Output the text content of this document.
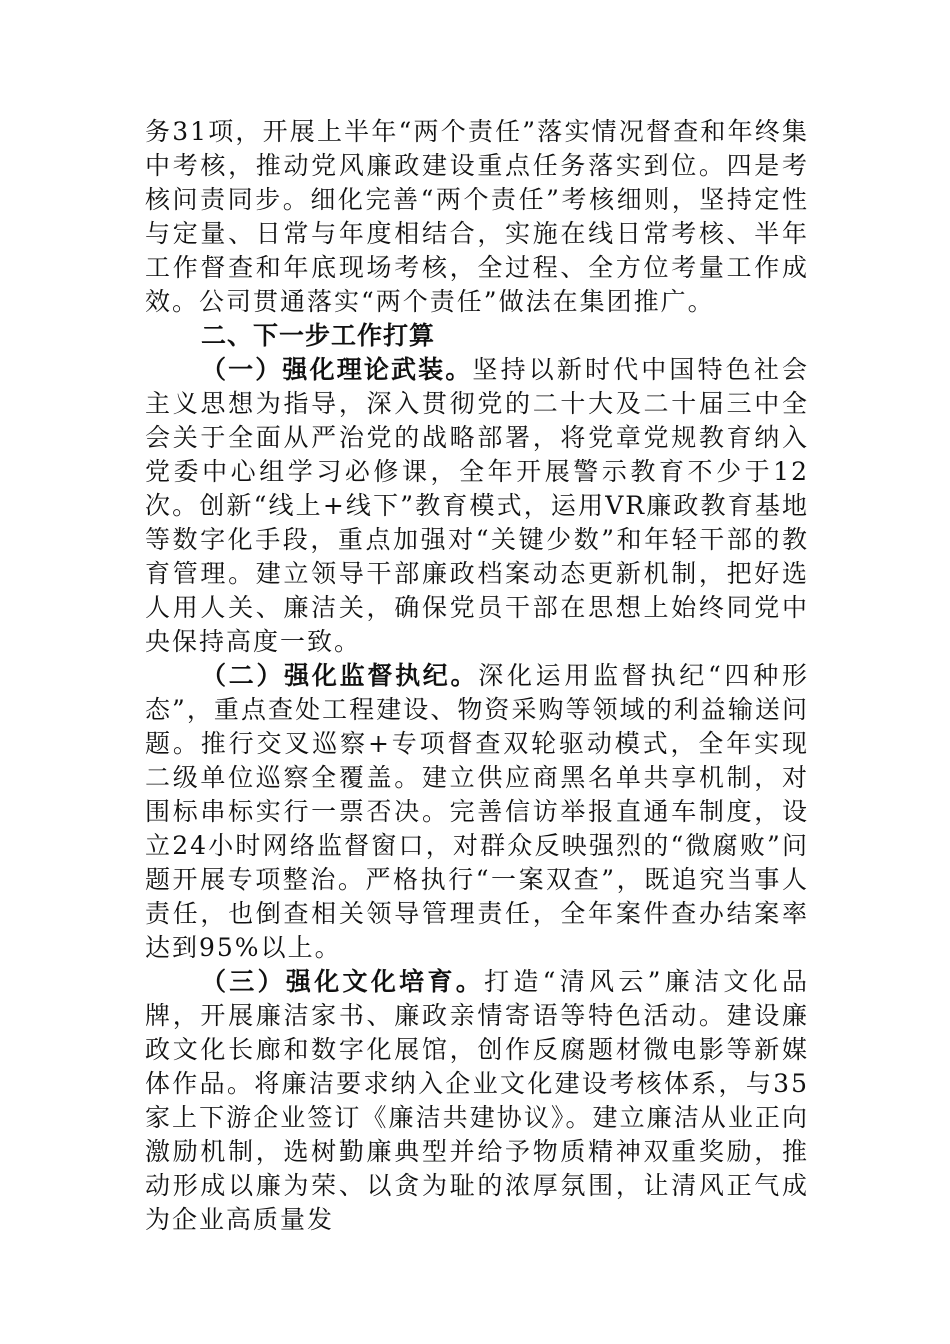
务31项，开展上半年“两个责任”落实情况督查和年终集中考核，推动党风廉政建设重点任务落实到位。四是考核问责同步。细化完善“两个责任”考核细则，坚持定性与定量、日常与年度相结合，实施在线日常考核、半年工作督查和年底现场考核，全过程、全方位考量工作成效。公司贯通落实“两个责任”做法在集团推广。

二、下一步工作打算

（一）强化理论武装。坚持以新时代中国特色社会主义思想为指导，深入贯彻党的二十大及二十届三中全会关于全面从严治党的战略部署，将党章党规教育纳入党委中心组学习必修课，全年开展警示教育不少于12次。创新“线上+线下”教育模式，运用VR廉政教育基地等数字化手段，重点加强对“关键少数”和年轻干部的教育管理。建立领导干部廉政档案动态更新机制，把好选人用人关、廉洁关，确保党员干部在思想上始终同党中央保持高度一致。

（二）强化监督执纪。深化运用监督执纪“四种形态”，重点查处工程建设、物资采购等领域的利益输送问题。推行交叉巡察+专项督查双轮驱动模式，全年实现二级单位巡察全覆盖。建立供应商黑名单共享机制，对围标串标实行一票否决。完善信访举报直通车制度，设立24小时网络监督窗口，对群众反映强烈的“微腐败”问题开展专项整治。严格执行“一案双查”，既追究当事人责任，也倒查相关领导管理责任，全年案件查办结案率达到95%以上。

（三）强化文化培育。打造“清风云”廉洁文化品牌，开展廉洁家书、廉政亲情寄语等特色活动。建设廉政文化长廊和数字化展馆，创作反腐题材微电影等新媒体作品。将廉洁要求纳入企业文化建设考核体系，与35家上下游企业签订《廉洁共建协议》。建立廉洁从业正向激励机制，选树勤廉典型并给予物质精神双重奖励，推动形成以廉为荣、以贪为耻的浓厚氛围，让清风正气成为企业高质量发
